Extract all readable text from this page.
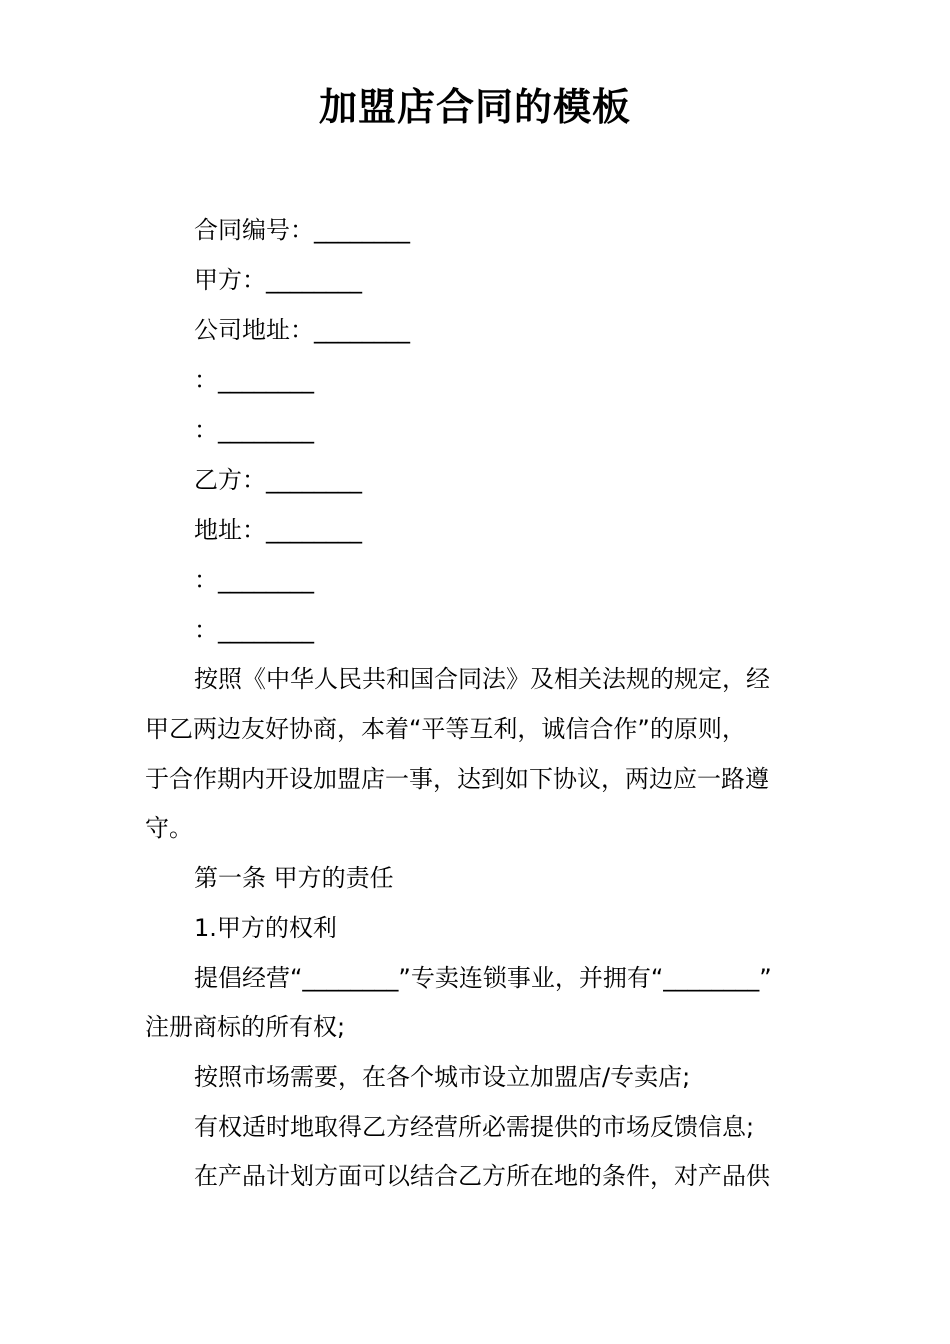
加盟店合同的模板
合同编号：________
甲方：________
公司地址：________
：________
：________
乙方：________
地址：________
：________
：________
按照《中华人民共和国合同法》及相关法规的规定，经
甲乙两边友好协商，本着“平等互利，诚信合作”的原则，
于合作期内开设加盟店一事，达到如下协议，两边应一路遵
守。
第一条 甲方的责任
1.甲方的权利
提倡经营“________”专卖连锁事业，并拥有“________”
注册商标的所有权;
按照市场需要，在各个城市设立加盟店/专卖店;
有权适时地取得乙方经营所必需提供的市场反馈信息;
在产品计划方面可以结合乙方所在地的条件，对产品供
